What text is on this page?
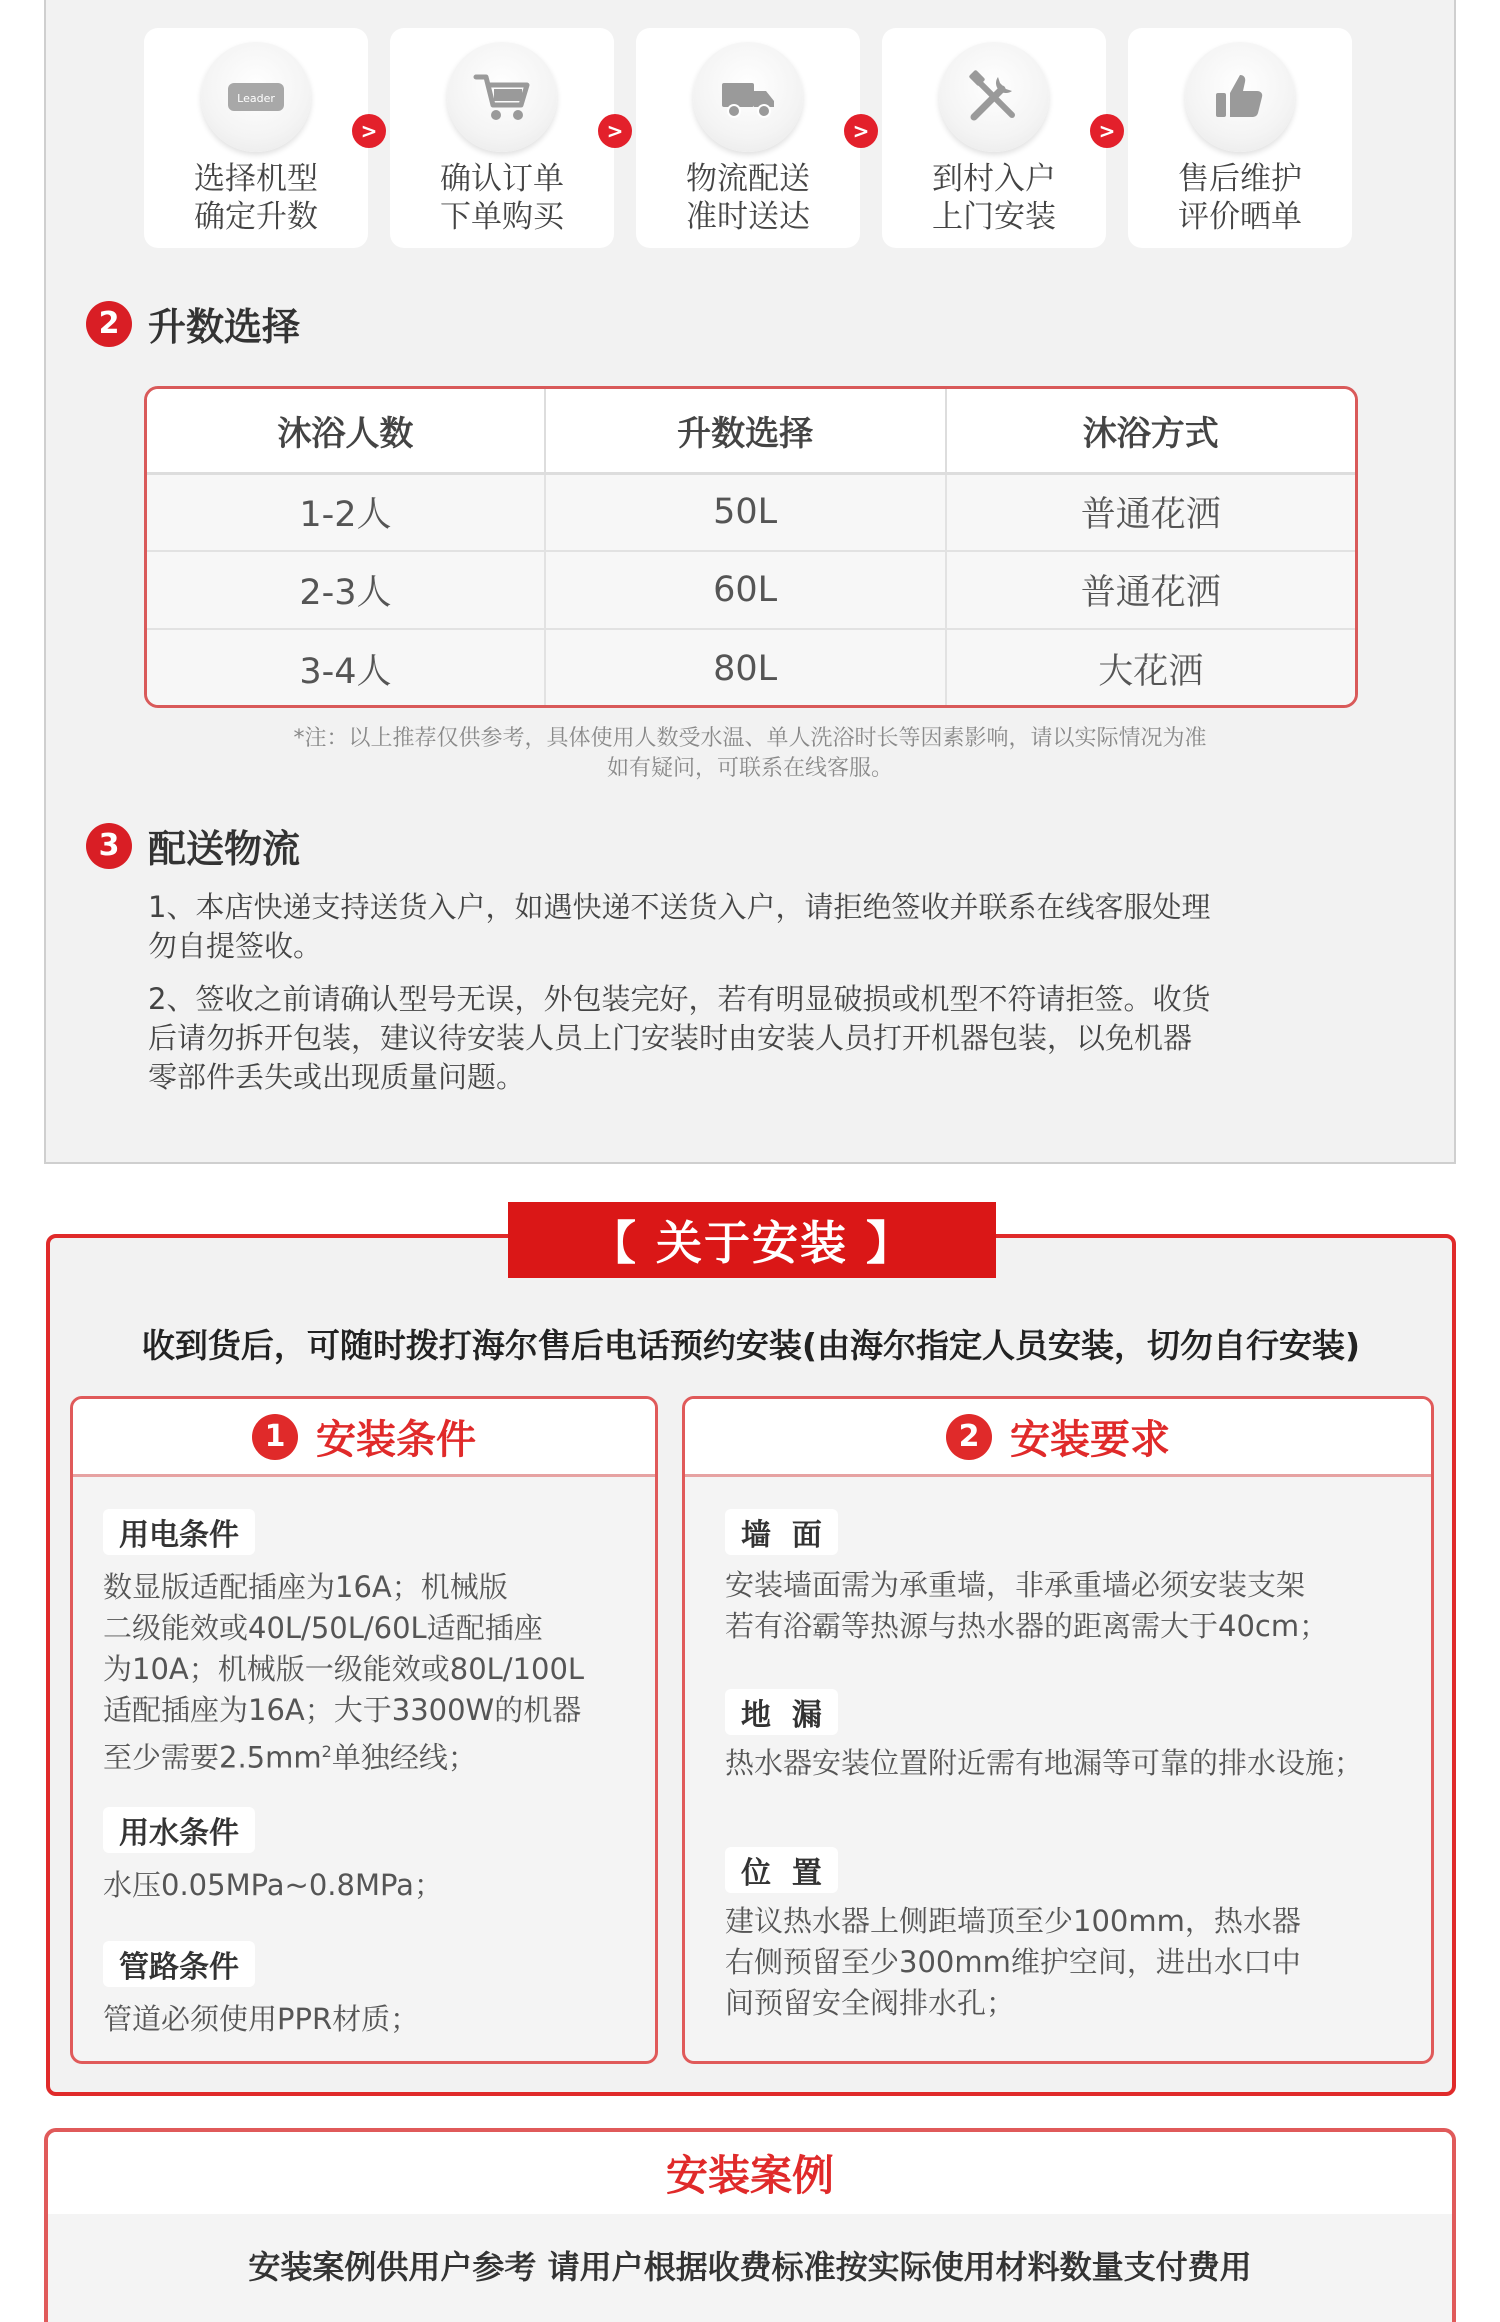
Leader
选择机型
确定升数
>
确认订单
下单购买
>
物流配送
准时送达
>
到村入户
上门安装
>
售后维护
评价晒单
2 升数选择
沐浴人数	升数选择	沐浴方式
1-2人	50L	普通花洒
2-3人	60L	普通花洒
3-4人	80L	大花洒
*注：以上推荐仅供参考，具体使用人数受水温、单人洗浴时长等因素影响，请以实际情况为准
如有疑问，可联系在线客服。
3 配送物流
1、本店快递支持送货入户，如遇快递不送货入户，请拒绝签收并联系在线客服处理
勿自提签收。
2、签收之前请确认型号无误，外包装完好，若有明显破损或机型不符请拒签。收货
后请勿拆开包装，建议待安装人员上门安装时由安装人员打开机器包装，以免机器
零部件丢失或出现质量问题。
【 关于安装 】
收到货后，可随时拨打海尔售后电话预约安装(由海尔指定人员安装，切勿自行安装)
1 安装条件
用电条件
数显版适配插座为16A；机械版
二级能效或40L/50L/60L适配插座
为10A；机械版一级能效或80L/100L
适配插座为16A；大于3300W的机器
至少需要$2.5mm^2$单独经线；
用水条件
水压0.05MPa~0.8MPa；
管路条件
管道必须使用PPR材质；
2 安装要求
墙  面
安装墙面需为承重墙，非承重墙必须安装支架
若有浴霸等热源与热水器的距离需大于40cm；
地  漏
热水器安装位置附近需有地漏等可靠的排水设施；
位  置
建议热水器上侧距墙顶至少100mm，热水器
右侧预留至少300mm维护空间，进出水口中
间预留安全阀排水孔；
安装案例
安装案例供用户参考 请用户根据收费标准按实际使用材料数量支付费用
